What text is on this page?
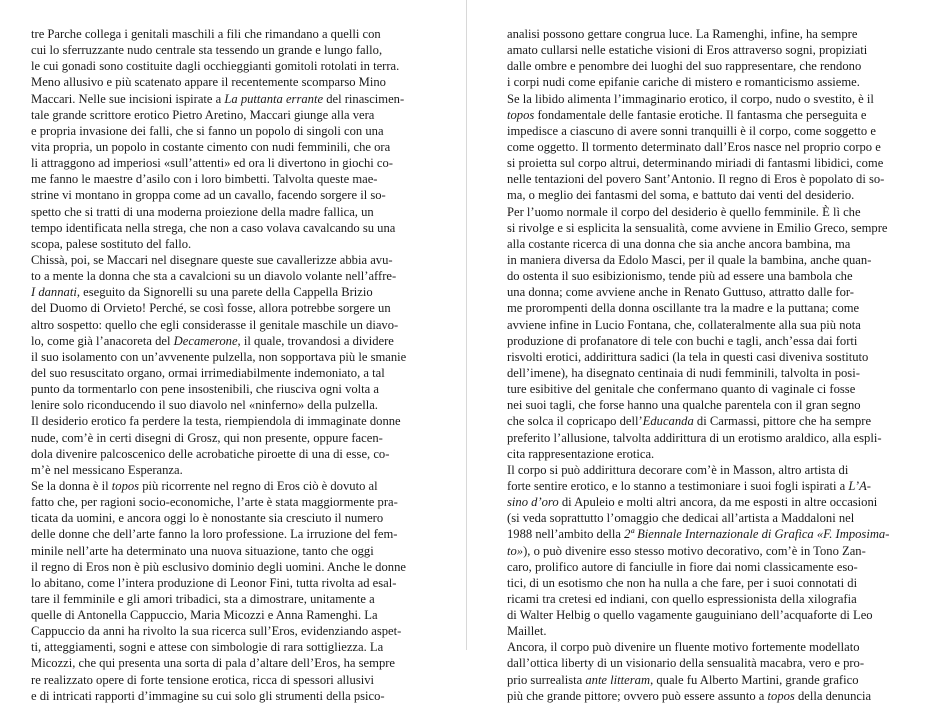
tre Parche collega i genitali maschili a fili che rimandano a quelli con
cui lo sferruzzante nudo centrale sta tessendo un grande e lungo fallo,
le cui gonadi sono costituite dagli occhieggianti gomitoli rotolati in terra.
Meno allusivo e più scatenato appare il recentemente scomparso Mino
Maccari. Nelle sue incisioni ispirate a La puttanta errante del rinascimen-
tale grande scrittore erotico Pietro Aretino, Maccari giunge alla vera
e propria invasione dei falli, che si fanno un popolo di singoli con una
vita propria, un popolo in costante cimento con nudi femminili, che ora
li attraggono ad imperiosi «sull’attenti» ed ora li divertono in giochi co-
me fanno le maestre d’asilo con i loro bimbetti. Talvolta queste mae-
strine vi montano in groppa come ad un cavallo, facendo sorgere il so-
spetto che si tratti di una moderna proiezione della madre fallica, un
tempo identificata nella strega, che non a caso volava cavalcando su una
scopa, palese sostituto del fallo.
Chissà, poi, se Maccari nel disegnare queste sue cavallerizze abbia avu-
to a mente la donna che sta a cavalcioni su un diavolo volante nell’affre-
I dannati, eseguito da Signorelli su una parete della Cappella Brizio
del Duomo di Orvieto! Perché, se così fosse, allora potrebbe sorgere un
altro sospetto: quello che egli considerasse il genitale maschile un diavo-
lo, come già l’anacoreta del Decamerone, il quale, trovandosi a dividere
il suo isolamento con un’avvenente pulzella, non sopportava più le smanie
del suo resuscitato organo, ormai irrimediabilmente indemoniato, a tal
punto da tormentarlo con pene insostenibili, che riusciva ogni volta a
lenire solo riconducendo il suo diavolo nel «ninferno» della pulzella.
Il desiderio erotico fa perdere la testa, riempiendola di immaginate donne
nude, com’è in certi disegni di Grosz, qui non presente, oppure facen-
dola divenire palcoscenico delle acrobatiche piroette di una di esse, co-
m’è nel messicano Esperanza.
Se la donna è il topos più ricorrente nel regno di Eros ciò è dovuto al
fatto che, per ragioni socio-economiche, l’arte è stata maggiormente pra-
ticata da uomini, e ancora oggi lo è nonostante sia cresciuto il numero
delle donne che dell’arte fanno la loro professione. La irruzione del fem-
minile nell’arte ha determinato una nuova situazione, tanto che oggi
il regno di Eros non è più esclusivo dominio degli uomini. Anche le donne
lo abitano, come l’intera produzione di Leonor Fini, tutta rivolta ad esal-
tare il femminile e gli amori tribadici, sta a dimostrare, unitamente a
quelle di Antonella Cappuccio, Maria Micozzi e Anna Ramenghi. La
Cappuccio da anni ha rivolto la sua ricerca sull’Eros, evidenziando aspet-
ti, atteggiamenti, sogni e attese con simbologie di rara sottigliezza. La
Micozzi, che qui presenta una sorta di pala d’altare dell’Eros, ha sempre
re realizzato opere di forte tensione erotica, ricca di spessori allusivi
e di intricati rapporti d’immagine su cui solo gli strumenti della psico-
analisi possono gettare congrua luce. La Ramenghi, infine, ha sempre
amato cullarsi nelle estatiche visioni di Eros attraverso sogni, propiziati
dalle ombre e penombre dei luoghi del suo rappresentare, che rendono
i corpi nudi come epifanie cariche di mistero e romanticismo assieme.
Se la libido alimenta l’immaginario erotico, il corpo, nudo o svestito, è il
topos fondamentale delle fantasie erotiche. Il fantasma che perseguita e
impedisce a ciascuno di avere sonni tranquilli è il corpo, come soggetto e
come oggetto. Il tormento determinato dall’Eros nasce nel proprio corpo e
si proietta sul corpo altrui, determinando miriadi di fantasmi libidici, come
nelle tentazioni del povero Sant’Antonio. Il regno di Eros è popolato di so-
ma, o meglio dei fantasmi del soma, e battuto dai venti del desiderio.
Per l’uomo normale il corpo del desiderio è quello femminile. È lì che
si rivolge e si esplicita la sensualità, come avviene in Emilio Greco, sempre
alla costante ricerca di una donna che sia anche ancora bambina, ma
in maniera diversa da Edolo Masci, per il quale la bambina, anche quan-
do ostenta il suo esibizionismo, tende più ad essere una bambola che
una donna; come avviene anche in Renato Guttuso, attratto dalle for-
me prorompenti della donna oscillante tra la madre e la puttana; come
avviene infine in Lucio Fontana, che, collateralmente alla sua più nota
produzione di profanatore di tele con buchi e tagli, anch’essa dai forti
risvolti erotici, addirittura sadici (la tela in questi casi diveniva sostituto
dell’imene), ha disegnato centinaia di nudi femminili, talvolta in posi-
ture esibitive del genitale che confermano quanto di vaginale ci fosse
nei suoi tagli, che forse hanno una qualche parentela con il gran segno
che solca il copricapo dell’Educanda di Carmassi, pittore che ha sempre
preferito l’allusione, talvolta addirittura di un erotismo araldico, alla espli-
cita rappresentazione erotica.
Il corpo si può addirittura decorare com’è in Masson, altro artista di
forte sentire erotico, e lo stanno a testimoniare i suoi fogli ispirati a L’A-
sino d’oro di Apuleio e molti altri ancora, da me esposti in altre occasioni
(si veda soprattutto l’omaggio che dedicai all’artista a Maddaloni nel
1988 nell’ambito della 2ª Biennale Internazionale di Grafica «F. Imposima-
to»), o può divenire esso stesso motivo decorativo, com’è in Tono Zan-
caro, prolifico autore di fanciulle in fiore dai nomi classicamente eso-
tici, di un esotismo che non ha nulla a che fare, per i suoi connotati di
ricami tra cretesi ed indiani, con quello espressionista della xilografia
di Walter Helbig o quello vagamente gauguiniano dell’acquaforte di Leo
Maillet.
Ancora, il corpo può divenire un fluente motivo fortemente modellato
dall’ottica liberty di un visionario della sensualità macabra, vero e pro-
prio surrealista ante litteram, quale fu Alberto Martini, grande grafico
più che grande pittore; ovvero può essere assunto a topos della denuncia
